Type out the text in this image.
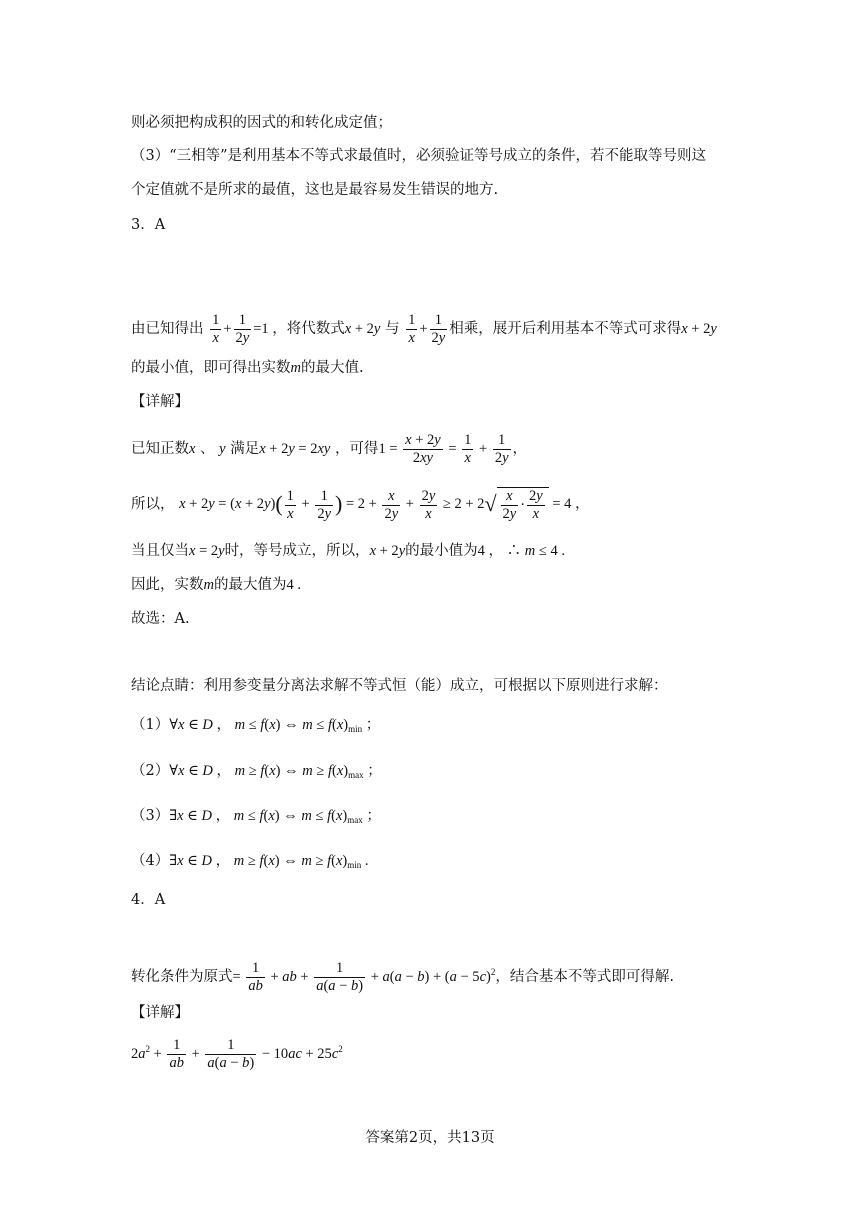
则必须把构成积的因式的和转化成定值；
（3）“三相等”是利用基本不等式求最值时，必须验证等号成立的条件，若不能取等号则这
个定值就不是所求的最值，这也是最容易发生错误的地方.
3．A
由已知得出 $\frac{1}{x} + \frac{1}{2y} =1$ ，将代数式x + 2y 与 $\frac{1}{x} + \frac{1}{2y}$ 相乘，展开后利用基本不等式可求得x + 2y
的最小值，即可得出实数m的最大值.
【详解】
已知正数x 、 y 满足x + 2y = 2xy ，可得$1 = \frac{x + 2y}{2xy} = \frac{1}{x} + \frac{1}{2y}$ ，
所以， $x + 2y = (x + 2y)( \frac{1}{x} + \frac{1}{2y}$ ) = $2 + \frac{x}{2y} + \frac{2y}{x} \ge 2 + 2√ \frac{x}{2y} \cdot \frac{2y}{x} = 4$ ，
当且仅当x = 2y时，等号成立，所以，x + 2y的最小值为4 ， ∴ m ≤ 4 .
因此，实数m的最大值为4 .
故选：A.
结论点睛：利用参变量分离法求解不等式恒（能）成立，可根据以下原则进行求解：
（1）∀x ∈ D ， m ≤ f(x) ⇔ $m \le f(x)_{min}$ ；
（2）∀x ∈ D ， m ≥ f(x) ⇔ $m \ge f(x)_{max}$ ；
（3）∃x ∈ D ， m ≤ f(x) ⇔ $m \le f(x)_{max}$ ；
（4）∃x ∈ D ， m ≥ f(x) ⇔ $m \ge f(x)_{min}$ .
4．A
转化条件为原式= $\frac{1}{ab}$ + ab + $\frac{1}{a(a - b)} + a(a - b) + (a - 5c)^2$，结合基本不等式即可得解.
【详解】
$2a^2 + \frac{1}{ab} + \frac{1}{a(a - b)} - 10ac + 25c^2$
答案第2页，共13页
